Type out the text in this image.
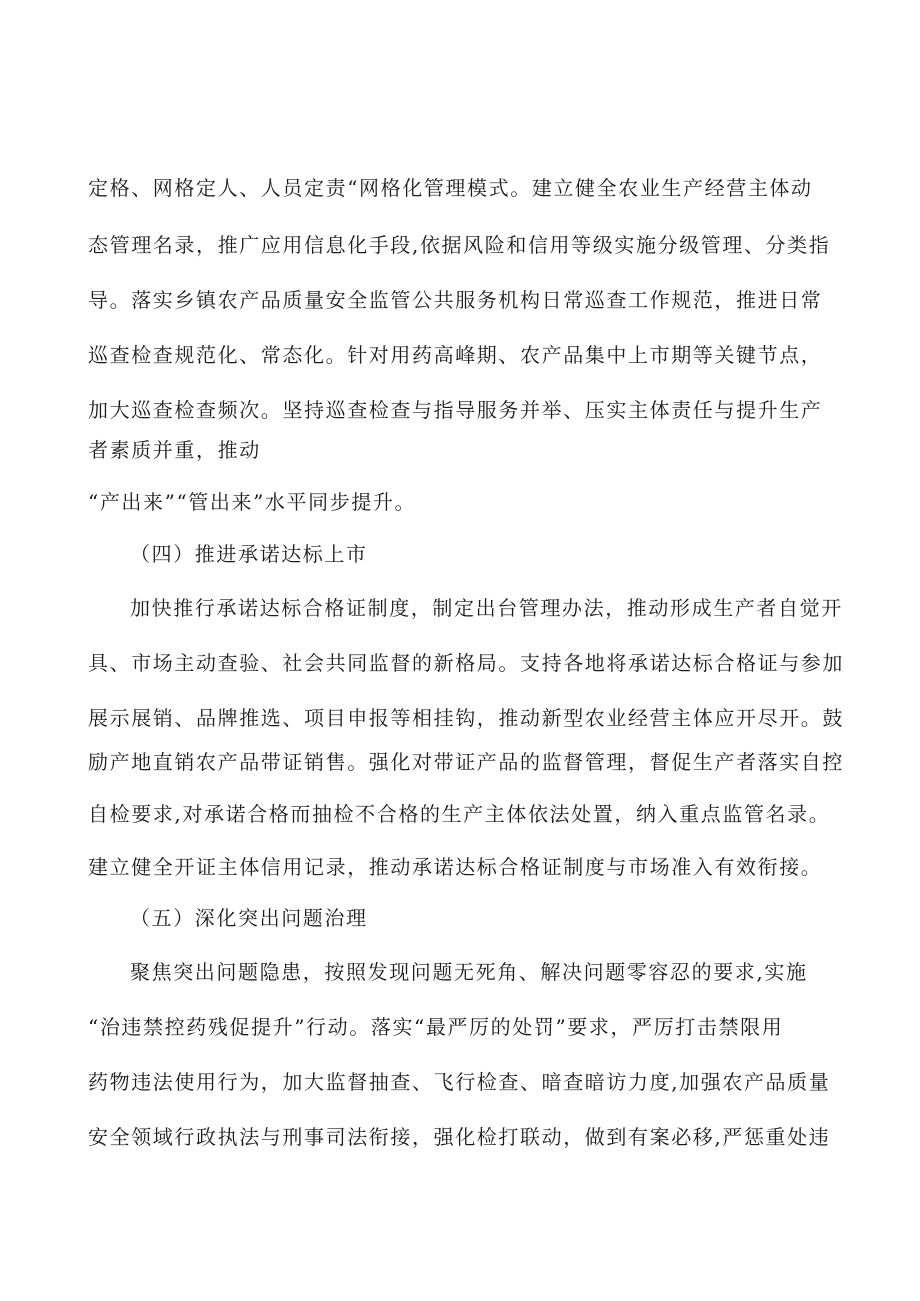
定格、网格定人、人员定责“网格化管理模式。建立健全农业生产经营主体动

态管理名录，推广应用信息化手段,依据风险和信用等级实施分级管理、分类指

导。落实乡镇农产品质量安全监管公共服务机构日常巡查工作规范，推进日常

巡查检查规范化、常态化。针对用药高峰期、农产品集中上市期等关键节点，

加大巡查检查频次。坚持巡查检查与指导服务并举、压实主体责任与提升生产

者素质并重，推动

“产出来”“管出来”水平同步提升。

（四）推进承诺达标上市

加快推行承诺达标合格证制度，制定出台管理办法，推动形成生产者自觉开

具、市场主动查验、社会共同监督的新格局。支持各地将承诺达标合格证与参加

展示展销、品牌推选、项目申报等相挂钩，推动新型农业经营主体应开尽开。鼓

励产地直销农产品带证销售。强化对带证产品的监督管理，督促生产者落实自控

自检要求,对承诺合格而抽检不合格的生产主体依法处置，纳入重点监管名录。

建立健全开证主体信用记录，推动承诺达标合格证制度与市场准入有效衔接。

（五）深化突出问题治理

聚焦突出问题隐患，按照发现问题无死角、解决问题零容忍的要求,实施

“治违禁控药残促提升”行动。落实“最严厉的处罚”要求，严厉打击禁限用

药物违法使用行为，加大监督抽查、飞行检查、暗查暗访力度,加强农产品质量

安全领域行政执法与刑事司法衔接，强化检打联动，做到有案必移,严惩重处违
